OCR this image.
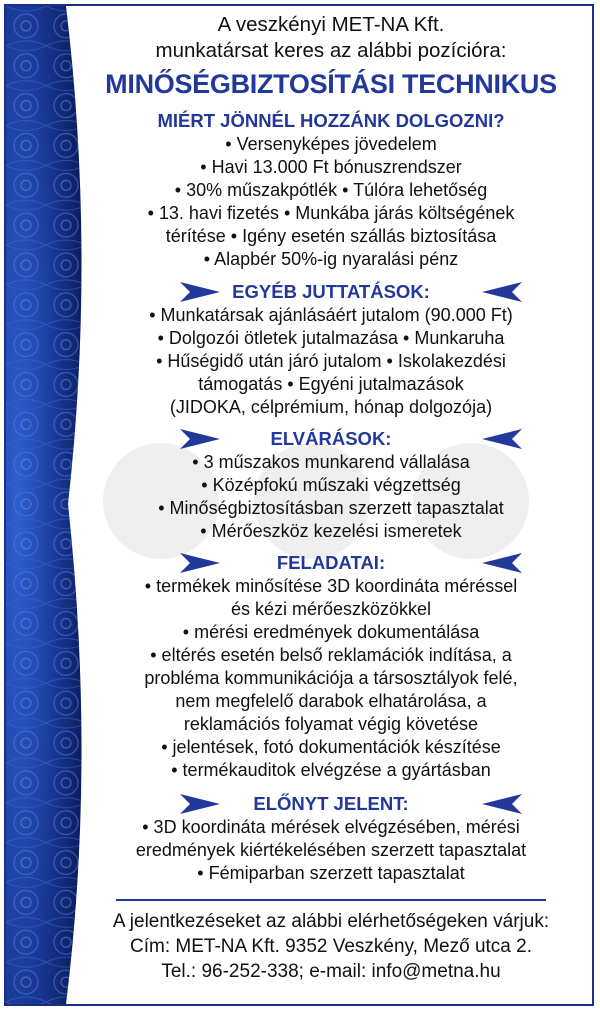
A veszkényi MET-NA Kft.
munkatársat keres az alábbi pozícióra:
MINŐSÉGBIZTOSÍTÁSI TECHNIKUS
MIÉRT JÖNNÉL HOZZÁNK DOLGOZNI?
• Versenyképes jövedelem
• Havi 13.000 Ft bónuszrendszer
• 30% műszakpótlék • Túlóra lehetőség
• 13. havi fizetés • Munkába járás költségének
térítése • Igény esetén szállás biztosítása
• Alapbér 50%-ig nyaralási pénz
EGYÉB JUTTATÁSOK:
• Munkatársak ajánlásáért jutalom (90.000 Ft)
• Dolgozói ötletek jutalmazása • Munkaruha
• Hűségidő után járó jutalom • Iskolakezdési
támogatás • Egyéni jutalmazások
(JIDOKA, célprémium, hónap dolgozója)
ELVÁRÁSOK:
• 3 műszakos munkarend vállalása
• Középfokú műszaki végzettség
• Minőségbiztosításban szerzett tapasztalat
• Mérőeszköz kezelési ismeretek
FELADATAI:
• termékek minősítése 3D koordináta méréssel
és kézi mérőeszközökkel
• mérési eredmények dokumentálása
• eltérés esetén belső reklamációk indítása, a
probléma kommunikációja a társosztályok felé,
nem megfelelő darabok elhatárolása, a
reklamációs folyamat végig követése
• jelentések, fotó dokumentációk készítése
• termékauditok elvégzése a gyártásban
ELŐNYT JELENT:
• 3D koordináta mérések elvégzésében, mérési
eredmények kiértékelésében szerzett tapasztalat
• Fémiparban szerzett tapasztalat
A jelentkezéseket az alábbi elérhetőségeken várjuk:
Cím: MET-NA Kft. 9352 Veszkény, Mező utca 2.
Tel.: 96-252-338; e-mail: info@metna.hu
